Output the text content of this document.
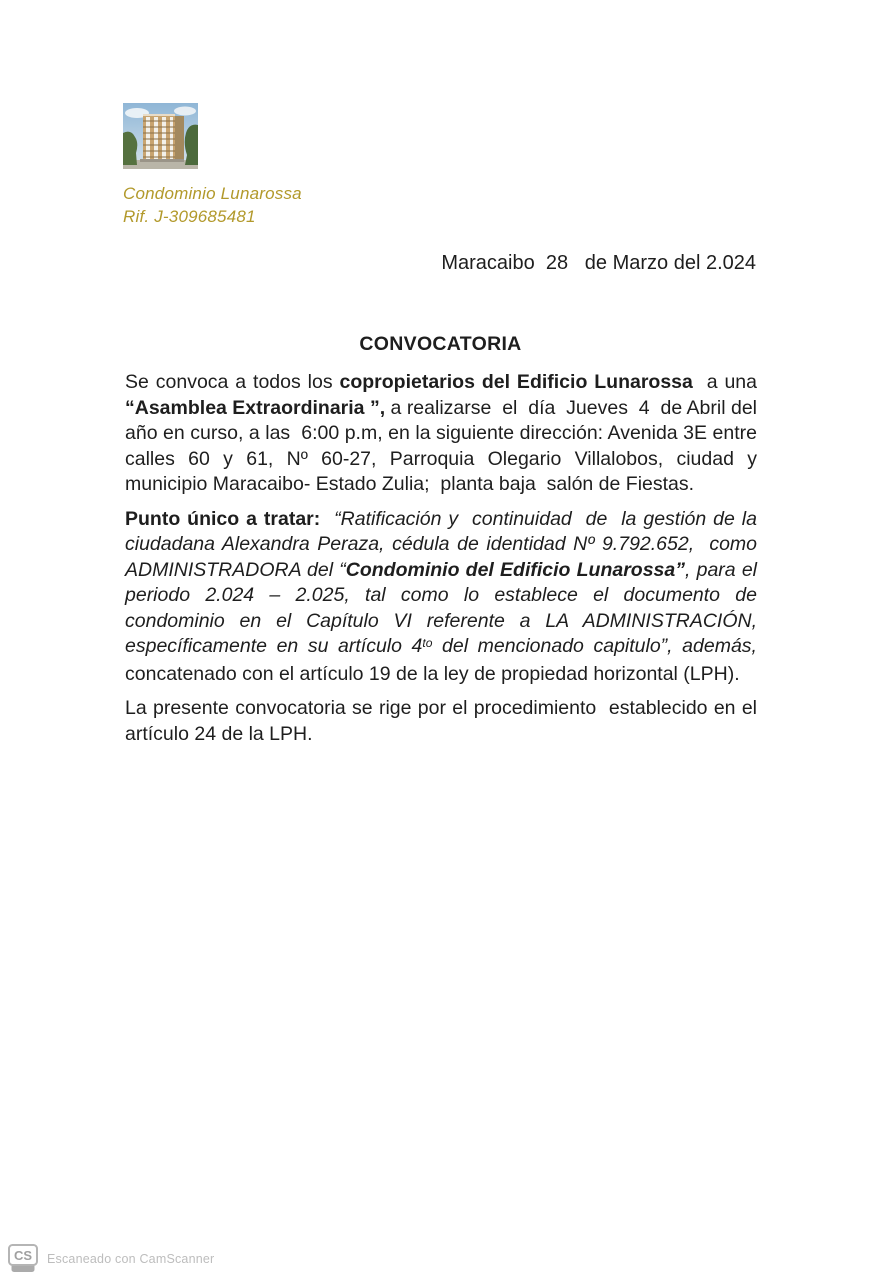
Condominio Lunarossa
Rif. J-309685481
Maracaibo  28   de Marzo del 2.024
CONVOCATORIA

Se convoca a todos los copropietarios del Edificio Lunarossa  a una “Asamblea Extraordinaria ”, a realizarse  el  día  Jueves  4  de Abril del año en curso, a las  6:00 p.m, en la siguiente dirección: Avenida 3E entre calles 60 y 61, Nº 60-27, Parroquia Olegario Villalobos, ciudad y municipio Maracaibo- Estado Zulia;  planta baja  salón de Fiestas.

Punto único a tratar:  “Ratificación y  continuidad  de  la gestión de la ciudadana Alexandra Peraza, cédula de identidad Nº 9.792.652,  como ADMINISTRADORA del “Condominio del Edificio Lunarossa”, para el periodo 2.024 – 2.025, tal como lo establece el documento de condominio en el Capítulo VI referente a LA ADMINISTRACIÓN, específicamente en su artículo $4^{to}$ del mencionado capitulo”, además,  concatenado con el artículo 19 de la ley de propiedad horizontal (LPH).

La presente convocatoria se rige por el procedimiento  establecido en el artículo 24 de la LPH.

CS Escaneado con CamScanner
